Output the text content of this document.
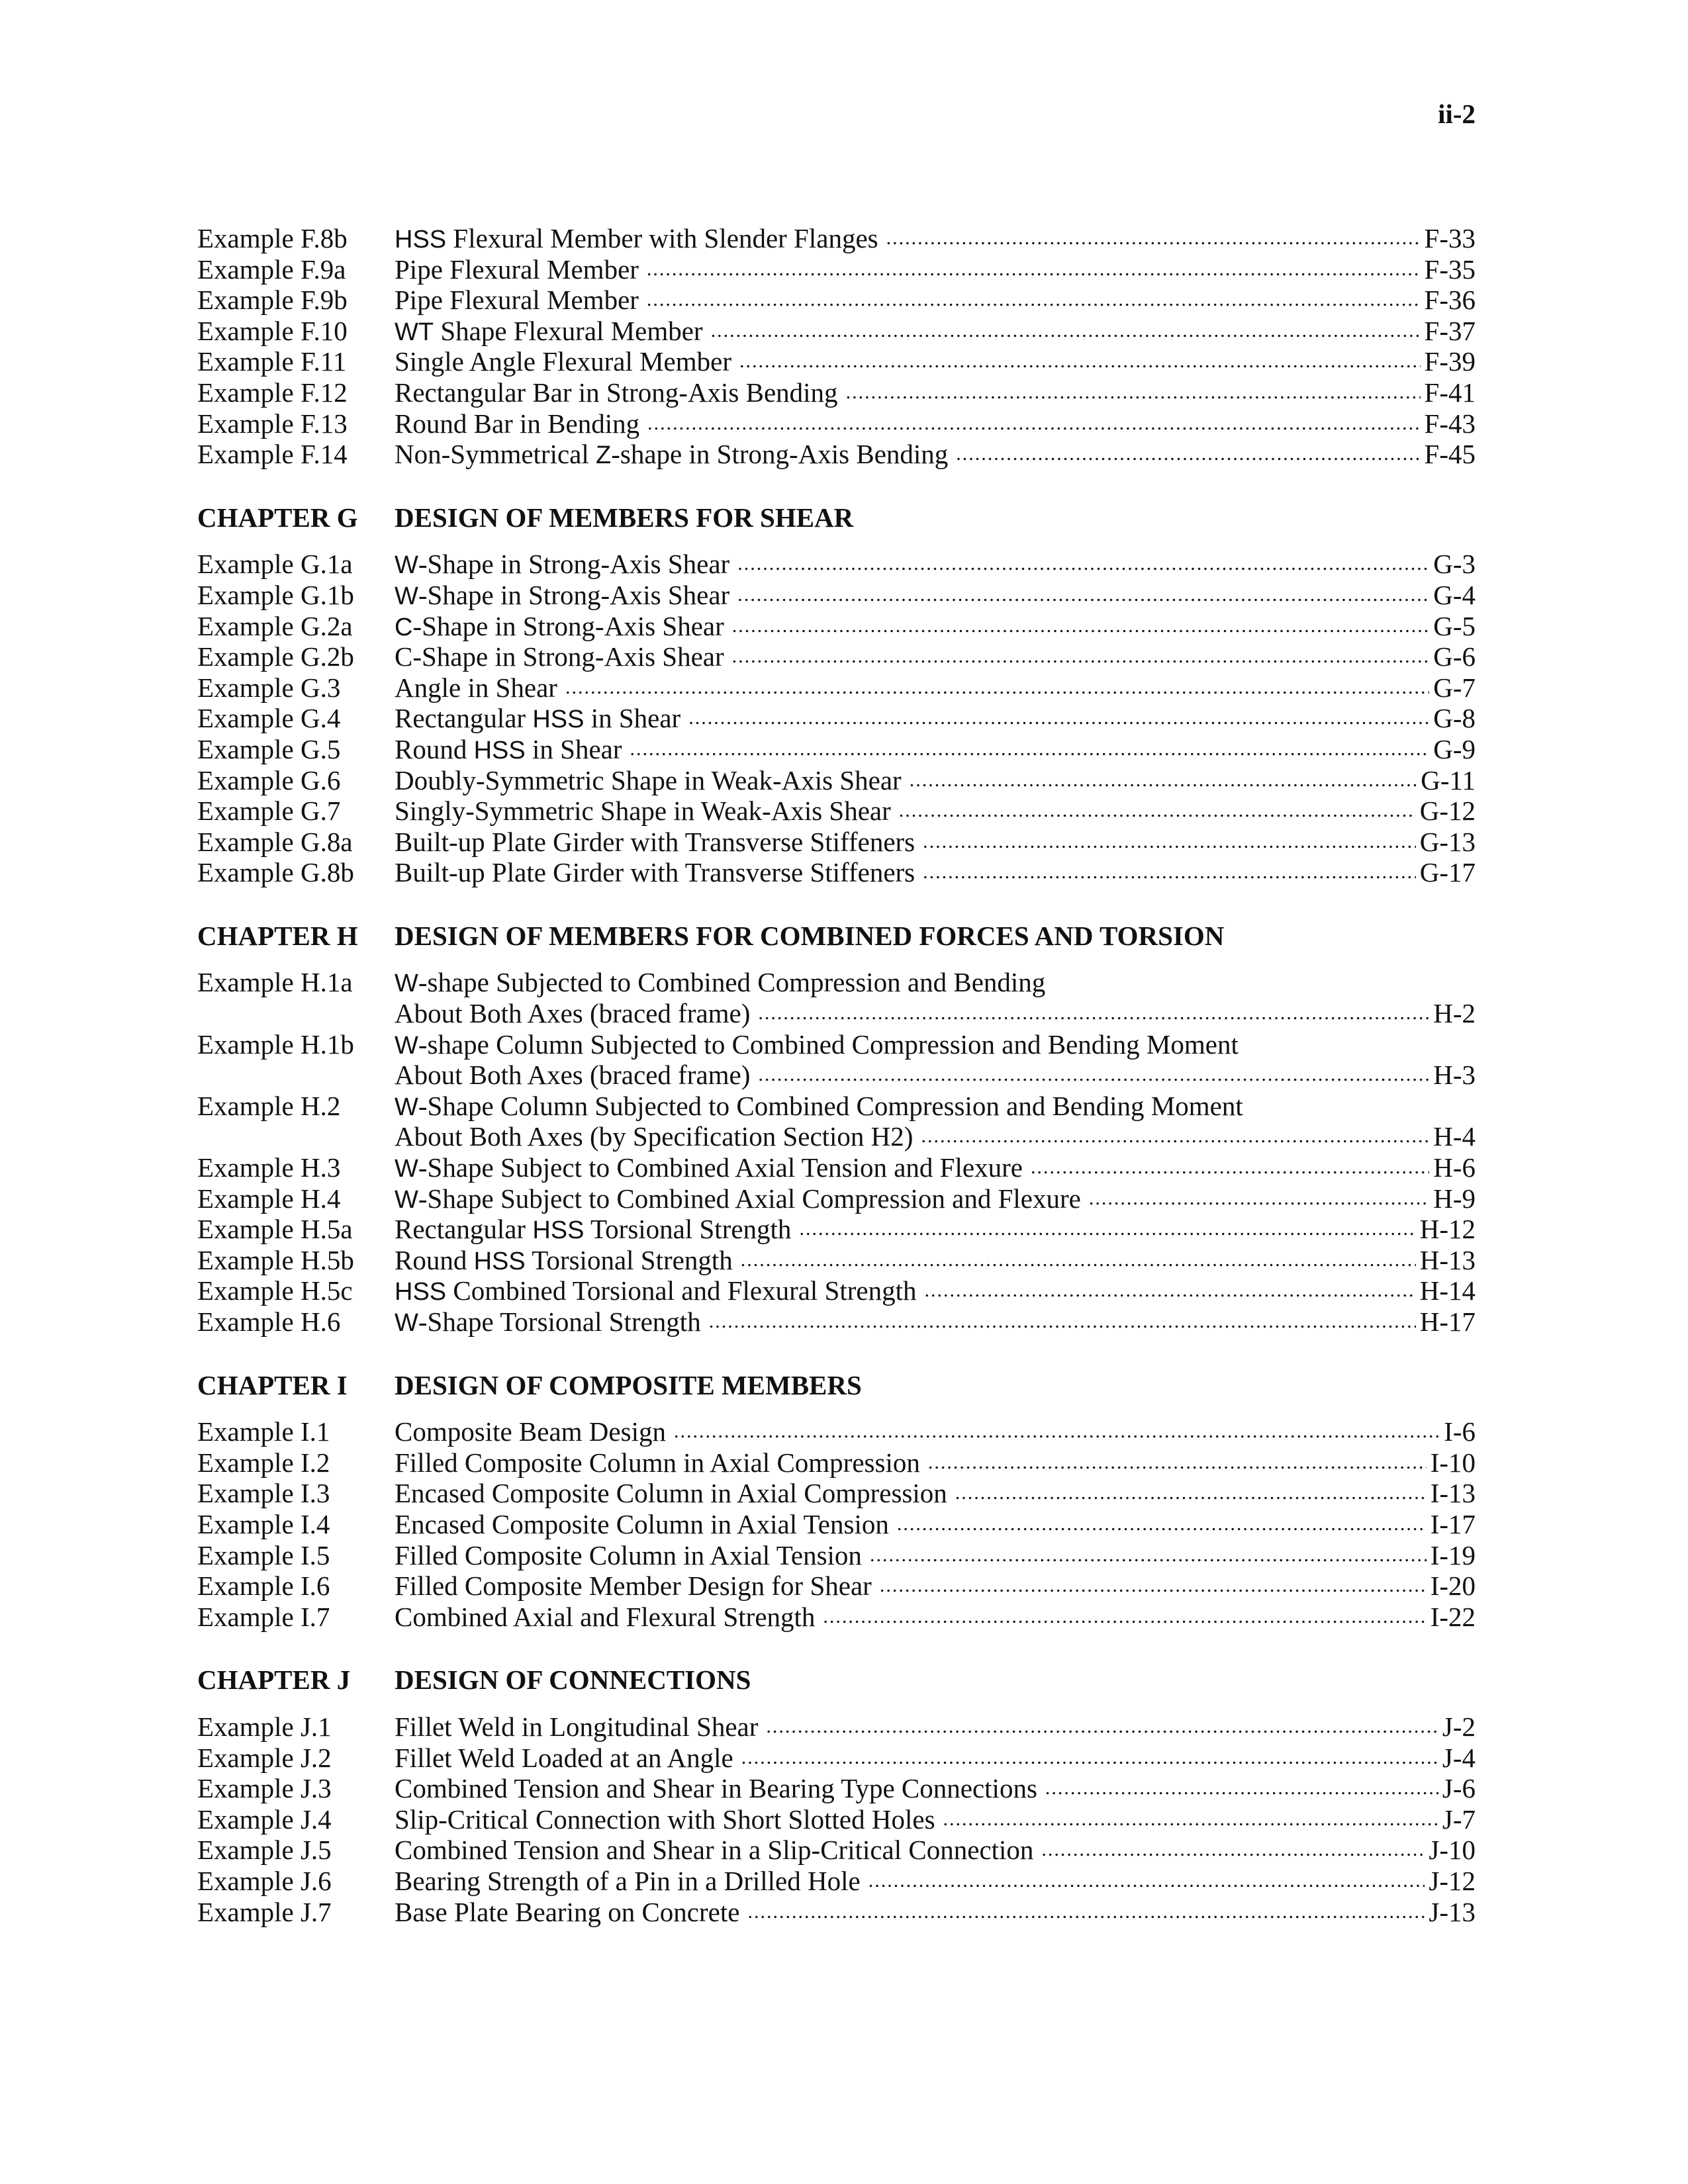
ii-2
Example F.8b	HSS Flexural Member with Slender Flanges .....	F-33
Example F.9a	Pipe Flexural Member .....	F-35
Example F.9b	Pipe Flexural Member .....	F-36
Example F.10	WT Shape Flexural Member .....	F-37
Example F.11	Single Angle Flexural Member .....	F-39
Example F.12	Rectangular Bar in Strong-Axis Bending .....	F-41
Example F.13	Round Bar in Bending .....	F-43
Example F.14	Non-Symmetrical Z-shape in Strong-Axis Bending .....	F-45
CHAPTER G	DESIGN OF MEMBERS FOR SHEAR
Example G.1a	W-Shape in Strong-Axis Shear .....	G-3
Example G.1b	W-Shape in Strong-Axis Shear .....	G-4
Example G.2a	C-Shape in Strong-Axis Shear .....	G-5
Example G.2b	C-Shape in Strong-Axis Shear .....	G-6
Example G.3	Angle in Shear .....	G-7
Example G.4	Rectangular HSS in Shear .....	G-8
Example G.5	Round HSS in Shear .....	G-9
Example G.6	Doubly-Symmetric Shape in Weak-Axis Shear .....	G-11
Example G.7	Singly-Symmetric Shape in Weak-Axis Shear .....	G-12
Example G.8a	Built-up Plate Girder with Transverse Stiffeners .....	G-13
Example G.8b	Built-up Plate Girder with Transverse Stiffeners .....	G-17
CHAPTER H	DESIGN OF MEMBERS FOR COMBINED FORCES AND TORSION
Example H.1a	W-shape Subjected to Combined Compression and Bending
About Both Axes (braced frame) .....	H-2
Example H.1b	W-shape Column Subjected to Combined Compression and Bending Moment
About Both Axes (braced frame) .....	H-3
Example H.2	W-Shape Column Subjected to Combined Compression and Bending Moment
About Both Axes (by Specification Section H2) .....	H-4
Example H.3	W-Shape Subject to Combined Axial Tension and Flexure .....	H-6
Example H.4	W-Shape Subject to Combined Axial Compression and Flexure .....	H-9
Example H.5a	Rectangular HSS Torsional Strength .....	H-12
Example H.5b	Round HSS Torsional Strength .....	H-13
Example H.5c	HSS Combined Torsional and Flexural Strength .....	H-14
Example H.6	W-Shape Torsional Strength .....	H-17
CHAPTER I	DESIGN OF COMPOSITE MEMBERS
Example I.1	Composite Beam Design .....	I-6
Example I.2	Filled Composite Column in Axial Compression .....	I-10
Example I.3	Encased Composite Column in Axial Compression .....	I-13
Example I.4	Encased Composite Column in Axial Tension .....	I-17
Example I.5	Filled Composite Column in Axial Tension .....	I-19
Example I.6	Filled Composite Member Design for Shear .....	I-20
Example I.7	Combined Axial and Flexural Strength .....	I-22
CHAPTER J	DESIGN OF CONNECTIONS
Example J.1	Fillet Weld in Longitudinal Shear .....	J-2
Example J.2	Fillet Weld Loaded at an Angle .....	J-4
Example J.3	Combined Tension and Shear in Bearing Type Connections .....	J-6
Example J.4	Slip-Critical Connection with Short Slotted Holes .....	J-7
Example J.5	Combined Tension and Shear in a Slip-Critical Connection .....	J-10
Example J.6	Bearing Strength of a Pin in a Drilled Hole .....	J-12
Example J.7	Base Plate Bearing on Concrete .....	J-13
